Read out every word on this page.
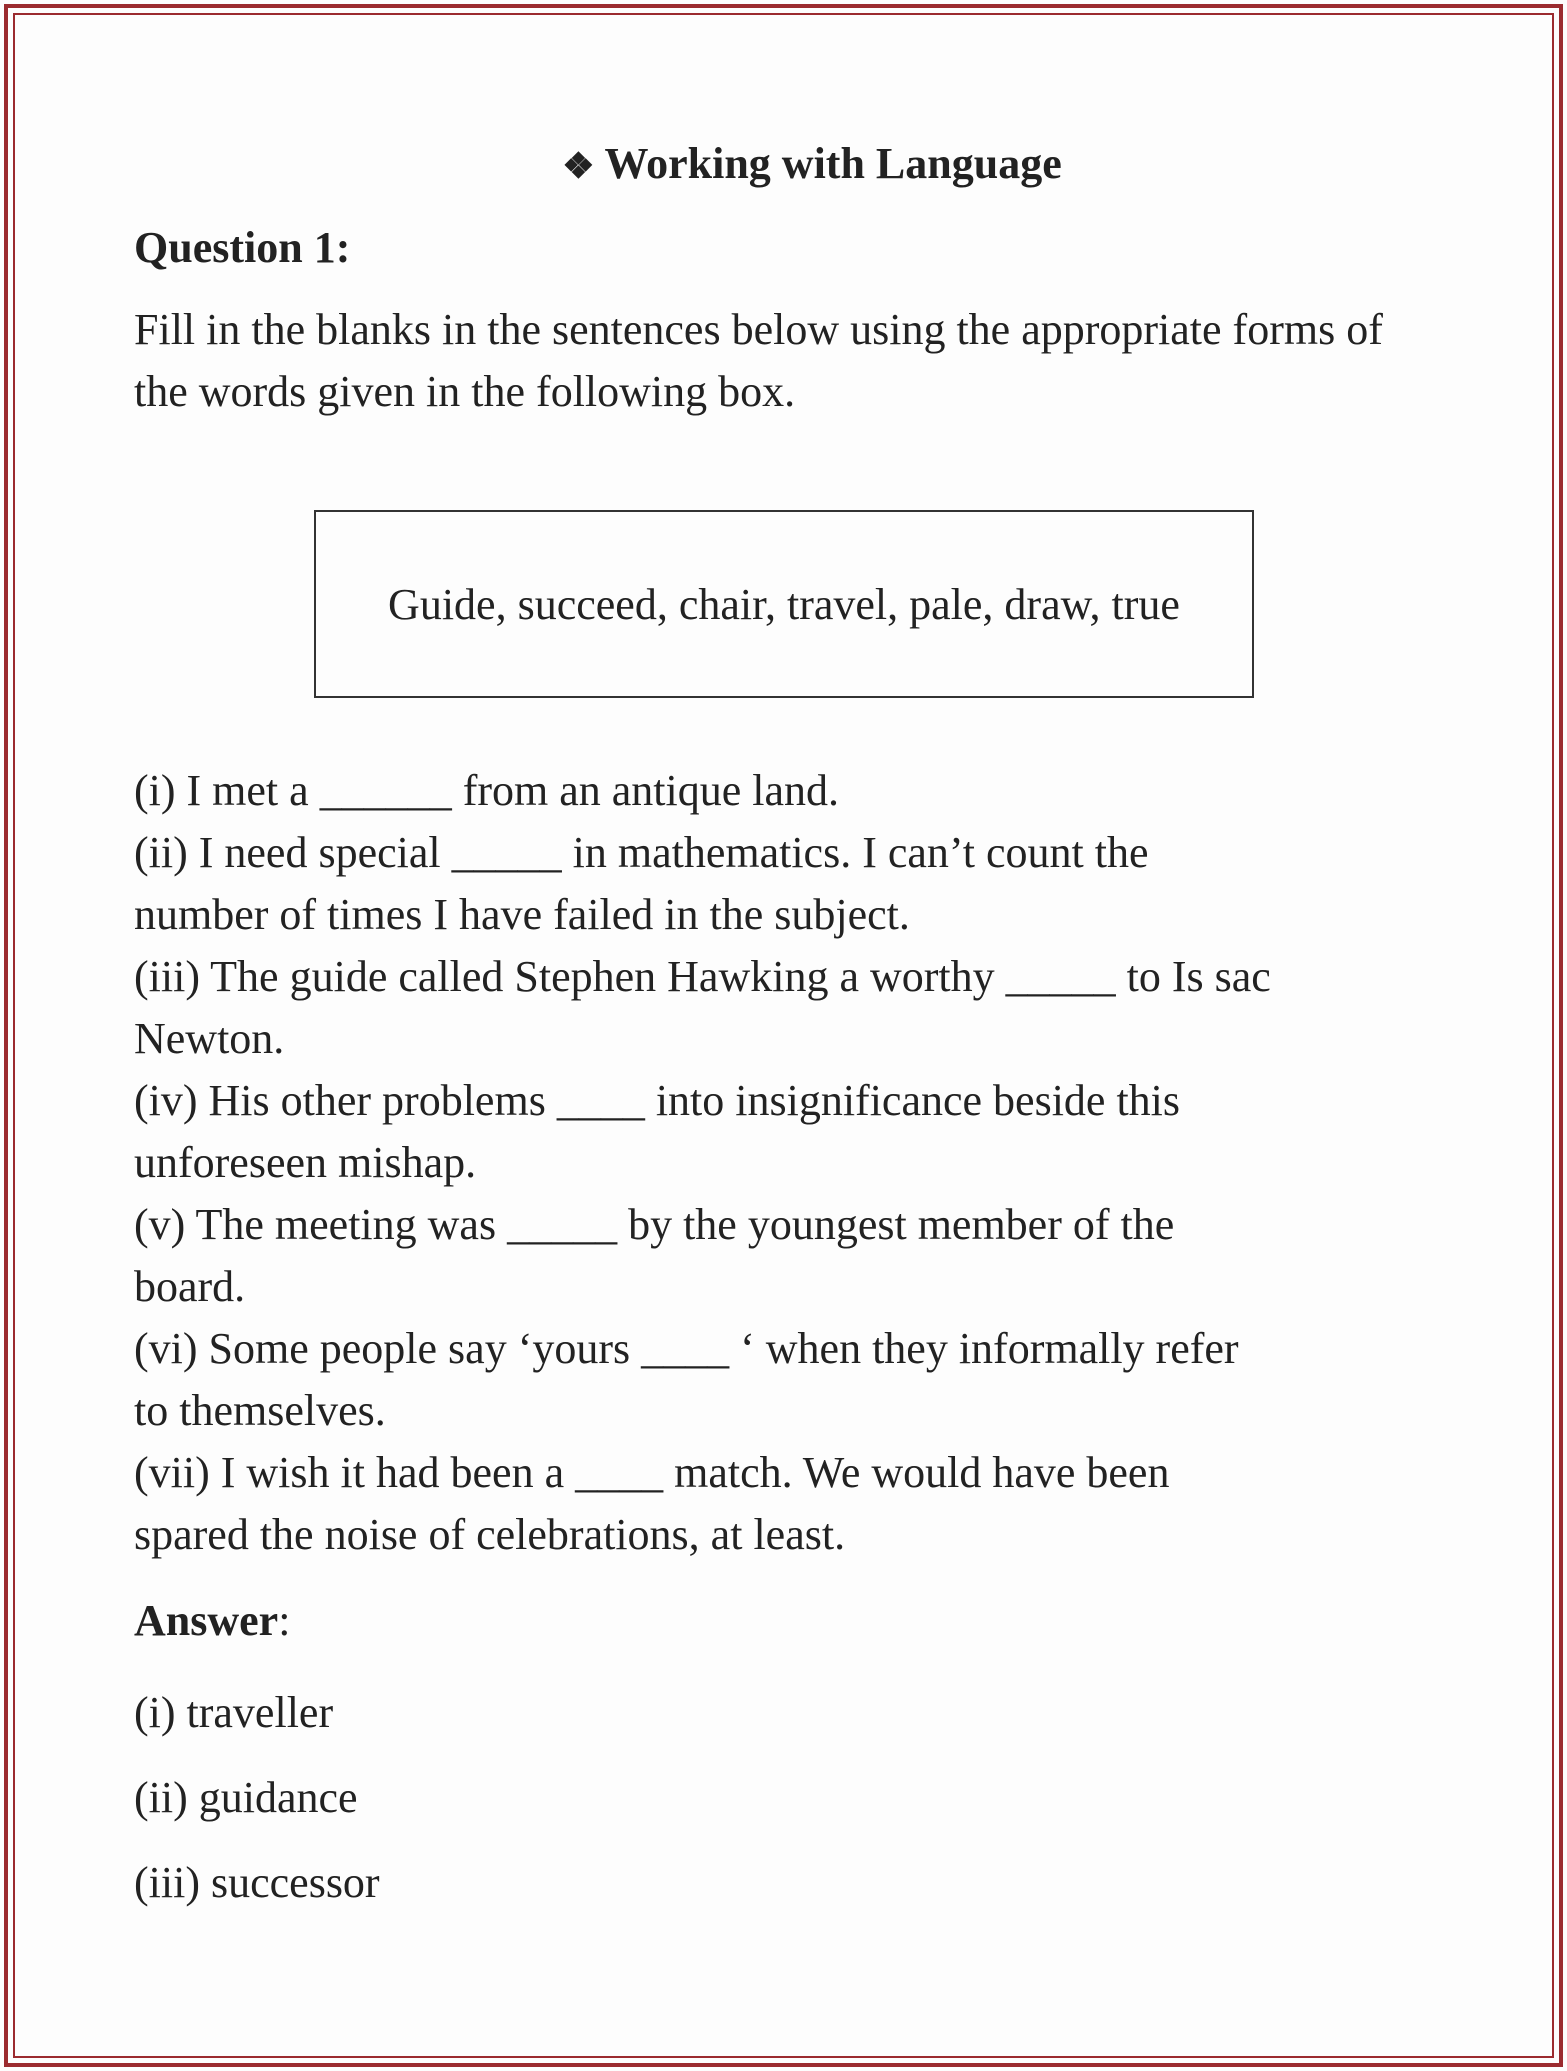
❖ Working with Language
Question 1:
Fill in the blanks in the sentences below using the appropriate forms of the words given in the following box.
Guide, succeed, chair, travel, pale, draw, true
(i) I met a ______ from an antique land.
(ii) I need special _____ in mathematics. I can’t count the
number of times I have failed in the subject.
(iii) The guide called Stephen Hawking a worthy _____ to Is sac
Newton.
(iv) His other problems ____ into insignificance beside this
unforeseen mishap.
(v) The meeting was _____ by the youngest member of the
board.
(vi) Some people say ‘yours ____ ‘ when they informally refer
to themselves.
(vii) I wish it had been a ____ match. We would have been
spared the noise of celebrations, at least.
Answer:
(i) traveller
(ii) guidance
(iii) successor
